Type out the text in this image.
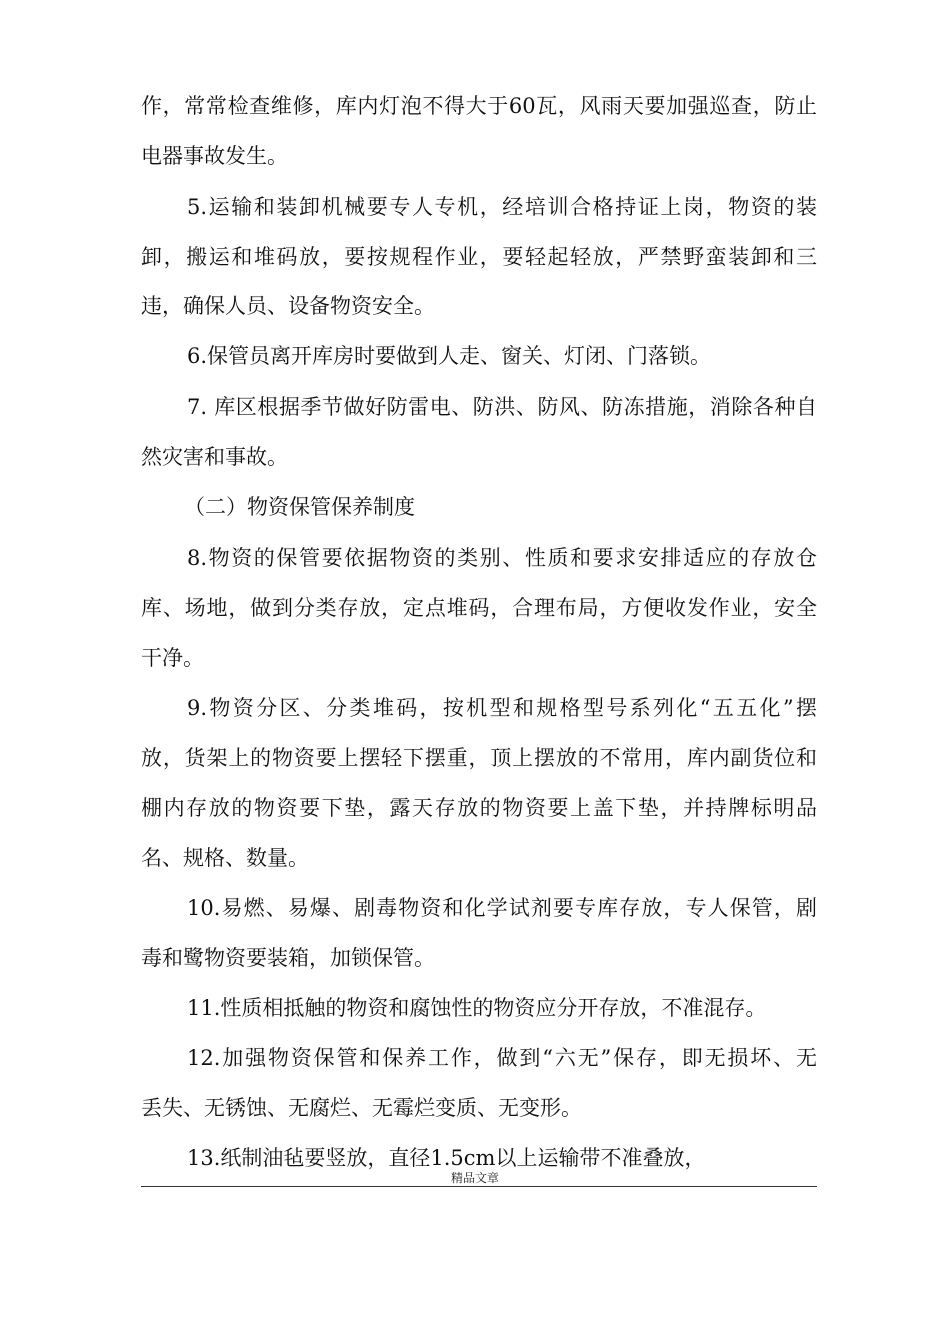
作，常常检查维修，库内灯泡不得大于60瓦，风雨天要加强巡查，防止
电器事故发生。
5.运输和装卸机械要专人专机，经培训合格持证上岗，物资的装
卸，搬运和堆码放，要按规程作业，要轻起轻放，严禁野蛮装卸和三
违，确保人员、设备物资安全。
6.保管员离开库房时要做到人走、窗关、灯闭、门落锁。
7. 库区根据季节做好防雷电、防洪、防风、防冻措施，消除各种自
然灾害和事故。
（二）物资保管保养制度
8.物资的保管要依据物资的类别、性质和要求安排适应的存放仓
库、场地，做到分类存放，定点堆码，合理布局，方便收发作业，安全
干净。
9.物资分区、分类堆码，按机型和规格型号系列化“五五化”摆
放，货架上的物资要上摆轻下摆重，顶上摆放的不常用，库内副货位和
棚内存放的物资要下垫，露天存放的物资要上盖下垫，并持牌标明品
名、规格、数量。
10.易燃、易爆、剧毒物资和化学试剂要专库存放，专人保管，剧
毒和鹭物资要装箱，加锁保管。
11.性质相抵触的物资和腐蚀性的物资应分开存放，不准混存。
12.加强物资保管和保养工作，做到“六无”保存，即无损坏、无
丢失、无锈蚀、无腐烂、无霉烂变质、无变形。
13.纸制油毡要竖放，直径1.5cm以上运输带不准叠放，
精品文章
